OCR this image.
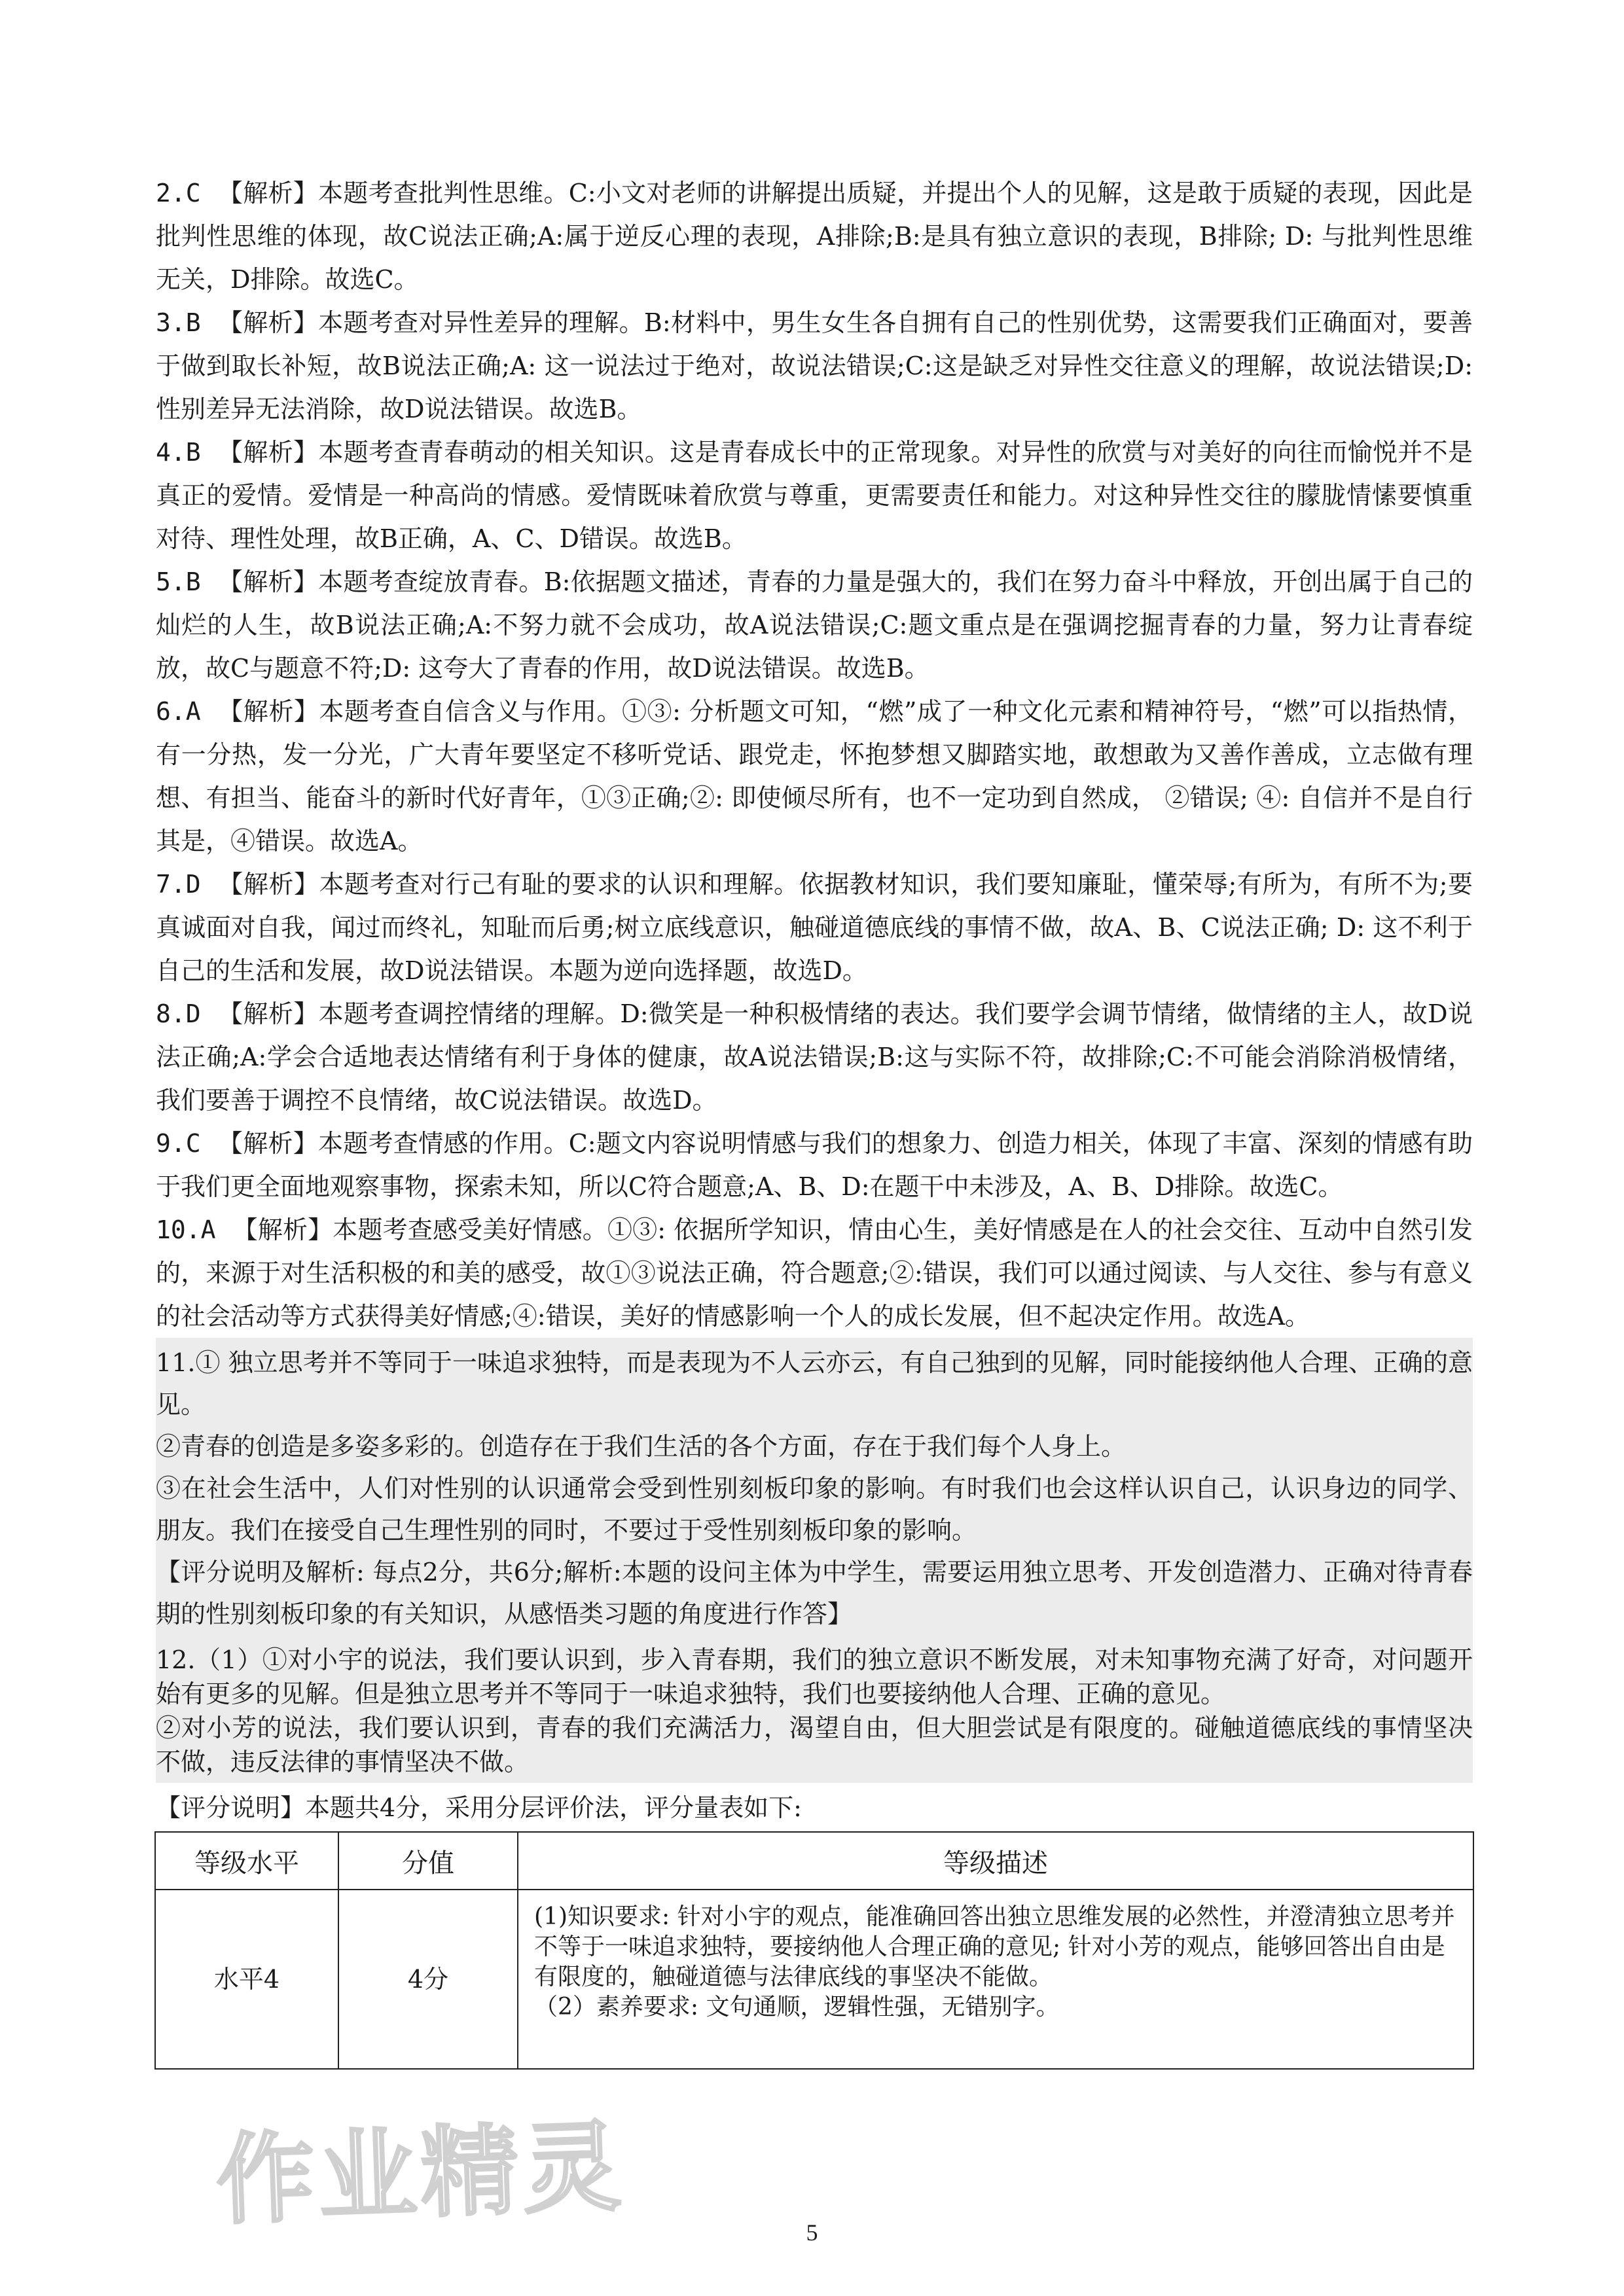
2.C 【解析】本题考查批判性思维。C:小文对老师的讲解提出质疑，并提出个人的见解，这是敢于质疑的表现，因此是批判性思维的体现，故C说法正确;A:属于逆反心理的表现，A排除;B:是具有独立意识的表现，B排除; D: 与批判性思维无关，D排除。故选C。

3.B 【解析】本题考查对异性差异的理解。B:材料中，男生女生各自拥有自己的性别优势，这需要我们正确面对，要善于做到取长补短，故B说法正确;A: 这一说法过于绝对，故说法错误;C:这是缺乏对异性交往意义的理解，故说法错误;D: 性别差异无法消除，故D说法错误。故选B。

4.B 【解析】本题考查青春萌动的相关知识。这是青春成长中的正常现象。对异性的欣赏与对美好的向往而愉悦并不是真正的爱情。爱情是一种高尚的情感。爱情既味着欣赏与尊重，更需要责任和能力。对这种异性交往的朦胧情愫要慎重对待、理性处理，故B正确，A、C、D错误。故选B。

5.B 【解析】本题考查绽放青春。B:依据题文描述，青春的力量是强大的，我们在努力奋斗中释放，开创出属于自己的灿烂的人生，故B说法正确;A:不努力就不会成功，故A说法错误;C:题文重点是在强调挖掘青春的力量，努力让青春绽放，故C与题意不符;D: 这夸大了青春的作用，故D说法错误。故选B。

6.A 【解析】本题考查自信含义与作用。①③: 分析题文可知，“燃”成了一种文化元素和精神符号，“燃”可以指热情，有一分热，发一分光，广大青年要坚定不移听党话、跟党走，怀抱梦想又脚踏实地，敢想敢为又善作善成，立志做有理想、有担当、能奋斗的新时代好青年，①③正确;②: 即使倾尽所有，也不一定功到自然成， ②错误; ④: 自信并不是自行其是，④错误。故选A。

7.D 【解析】本题考查对行己有耻的要求的认识和理解。依据教材知识，我们要知廉耻，懂荣辱;有所为，有所不为;要真诚面对自我，闻过而终礼，知耻而后勇;树立底线意识，触碰道德底线的事情不做，故A、B、C说法正确; D: 这不利于自己的生活和发展，故D说法错误。本题为逆向选择题，故选D。

8.D 【解析】本题考查调控情绪的理解。D:微笑是一种积极情绪的表达。我们要学会调节情绪，做情绪的主人，故D说法正确;A:学会合适地表达情绪有利于身体的健康，故A说法错误;B:这与实际不符，故排除;C:不可能会消除消极情绪，我们要善于调控不良情绪，故C说法错误。故选D。

9.C 【解析】本题考查情感的作用。C:题文内容说明情感与我们的想象力、创造力相关，体现了丰富、深刻的情感有助于我们更全面地观察事物，探索未知，所以C符合题意;A、B、D:在题干中未涉及，A、B、D排除。故选C。

10.A 【解析】本题考查感受美好情感。①③: 依据所学知识，情由心生，美好情感是在人的社会交往、互动中自然引发的，来源于对生活积极的和美的感受，故①③说法正确，符合题意;②:错误，我们可以通过阅读、与人交往、参与有意义的社会活动等方式获得美好情感;④:错误，美好的情感影响一个人的成长发展，但不起决定作用。故选A。

11.① 独立思考并不等同于一味追求独特，而是表现为不人云亦云，有自己独到的见解，同时能接纳他人合理、正确的意见。

②青春的创造是多姿多彩的。创造存在于我们生活的各个方面，存在于我们每个人身上。

③在社会生活中，人们对性别的认识通常会受到性别刻板印象的影响。有时我们也会这样认识自己，认识身边的同学、朋友。我们在接受自己生理性别的同时，不要过于受性别刻板印象的影响。

【评分说明及解析: 每点2分，共6分;解析:本题的设问主体为中学生，需要运用独立思考、开发创造潜力、正确对待青春期的性别刻板印象的有关知识，从感悟类习题的角度进行作答】

12.（1）①对小宇的说法，我们要认识到，步入青春期，我们的独立意识不断发展，对未知事物充满了好奇，对问题开始有更多的见解。但是独立思考并不等同于一味追求独特，我们也要接纳他人合理、正确的意见。

②对小芳的说法，我们要认识到，青春的我们充满活力，渴望自由，但大胆尝试是有限度的。碰触道德底线的事情坚决不做，违反法律的事情坚决不做。

【评分说明】本题共4分，采用分层评价法，评分量表如下:

等级水平	分值	等级描述
水平4	4分	(1)知识要求: 针对小宇的观点，能准确回答出独立思维发展的必然性，并澄清独立思考并不等于一味追求独特，要接纳他人合理正确的意见; 针对小芳的观点，能够回答出自由是有限度的，触碰道德与法律底线的事坚决不能做。
（2）素养要求: 文句通顺，逻辑性强，无错别字。
作业精灵	5
